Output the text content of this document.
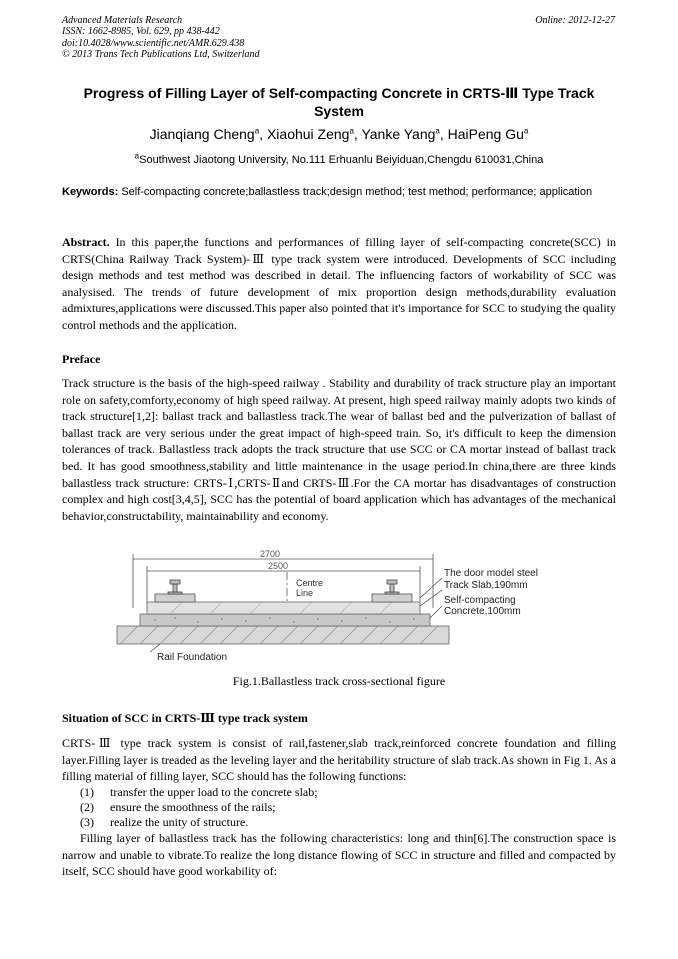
Advanced Materials Research
ISSN: 1662-8985, Vol. 629, pp 438-442
doi:10.4028/www.scientific.net/AMR.629.438
© 2013 Trans Tech Publications Ltd, Switzerland
Online: 2012-12-27
Progress of Filling Layer of Self-compacting Concrete in CRTS-Ⅲ Type Track System
Jianqiang Cheng$^a$, Xiaohui Zeng$^a$, Yanke Yang$^a$, HaiPeng Gu$^a$
$^a$Southwest Jiaotong University, No.111 Erhuanlu Beiyiduan,Chengdu 610031,China
Keywords: Self-compacting concrete;ballastless track;design method; test method; performance; application
Abstract. In this paper,the functions and performances of filling layer of self-compacting concrete(SCC) in CRTS(China Railway Track System)-Ⅲ type track system were introduced. Developments of SCC including design methods and test method was described in detail. The influencing factors of workability of SCC was analysised. The trends of future development of mix proportion design methods,durability evaluation admixtures,applications were discussed.This paper also pointed that it's importance for SCC to studying the quality control methods and the application.
Preface
Track structure is the basis of the high-speed railway . Stability and durability of track structure play an important role on safety,comforty,economy of high speed railway. At present, high speed railway mainly adopts two kinds of track structure[1,2]: ballast track and ballastless track.The wear of ballast bed and the pulverization of ballast of ballast track are very serious under the great impact of high-speed train. So, it's difficult to keep the dimension tolerances of track. Ballastless track adopts the track structure that use SCC or CA mortar instead of ballast track bed. It has good smoothness,stability and little maintenance in the usage period.In china,there are three kinds ballastless track structure: CRTS-Ⅰ,CRTS-Ⅱand CRTS-Ⅲ.For the CA mortar has disadvantages of construction complex and high cost[3,4,5], SCC has the potential of board application which has advantages of the mechanical behavior,constructability, maintainability and economy.
2700
2500
Centre
Line
The door model steel
Track Slab,190mm
Self-compacting
Concrete,100mm
Rail Foundation
Fig.1.Ballastless track cross-sectional figure
Situation of SCC in CRTS-Ⅲ type track system
CRTS-Ⅲ type track system is consist of rail,fastener,slab track,reinforced concrete foundation and filling layer.Filling layer is treaded as the leveling layer and the heritability structure of slab track.As shown in Fig 1. As a filling material of filling layer, SCC should has the following functions:
(1) transfer the upper load to the concrete slab;
(2) ensure the smoothness of the rails;
(3) realize the unity of structure.
Filling layer of ballastless track has the following characteristics: long and thin[6].The construction space is narrow and unable to vibrate.To realize the long distance flowing of SCC in structure and filled and compacted by itself, SCC should have good workability of:
